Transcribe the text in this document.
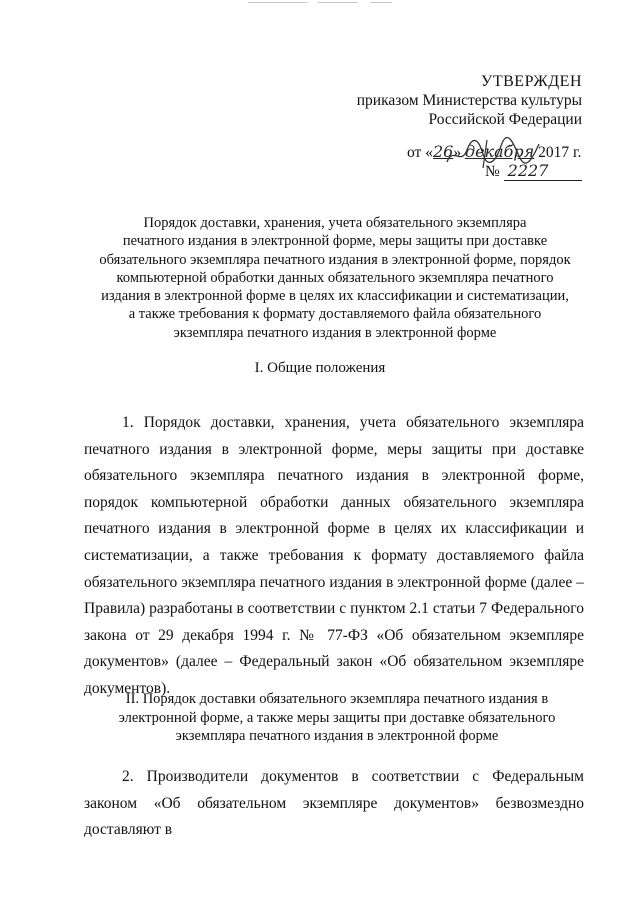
УТВЕРЖДЕН
приказом Министерства культуры
Российской Федерации
от «26» декабря 2017 г.
№ 2227
Порядок доставки, хранения, учета обязательного экземпляра
печатного издания в электронной форме, меры защиты при доставке
обязательного экземпляра печатного издания в электронной форме, порядок
компьютерной обработки данных обязательного экземпляра печатного
издания в электронной форме в целях их классификации и систематизации,
а также требования к формату доставляемого файла обязательного
экземпляра печатного издания в электронной форме
I. Общие положения
1. Порядок доставки, хранения, учета обязательного экземпляра печатного издания в электронной форме, меры защиты при доставке обязательного экземпляра печатного издания в электронной форме, порядок компьютерной обработки данных обязательного экземпляра печатного издания в электронной форме в целях их классификации и систематизации, а также требования к формату доставляемого файла обязательного экземпляра печатного издания в электронной форме (далее – Правила) разработаны в соответствии с пунктом 2.1 статьи 7 Федерального закона от 29 декабря 1994 г. № 77-ФЗ «Об обязательном экземпляре документов» (далее – Федеральный закон «Об обязательном экземпляре документов).
II. Порядок доставки обязательного экземпляра печатного издания в
электронной форме, а также меры защиты при доставке обязательного
экземпляра печатного издания в электронной форме
2. Производители документов в соответствии с Федеральным законом «Об обязательном экземпляре документов» безвозмездно доставляют в
